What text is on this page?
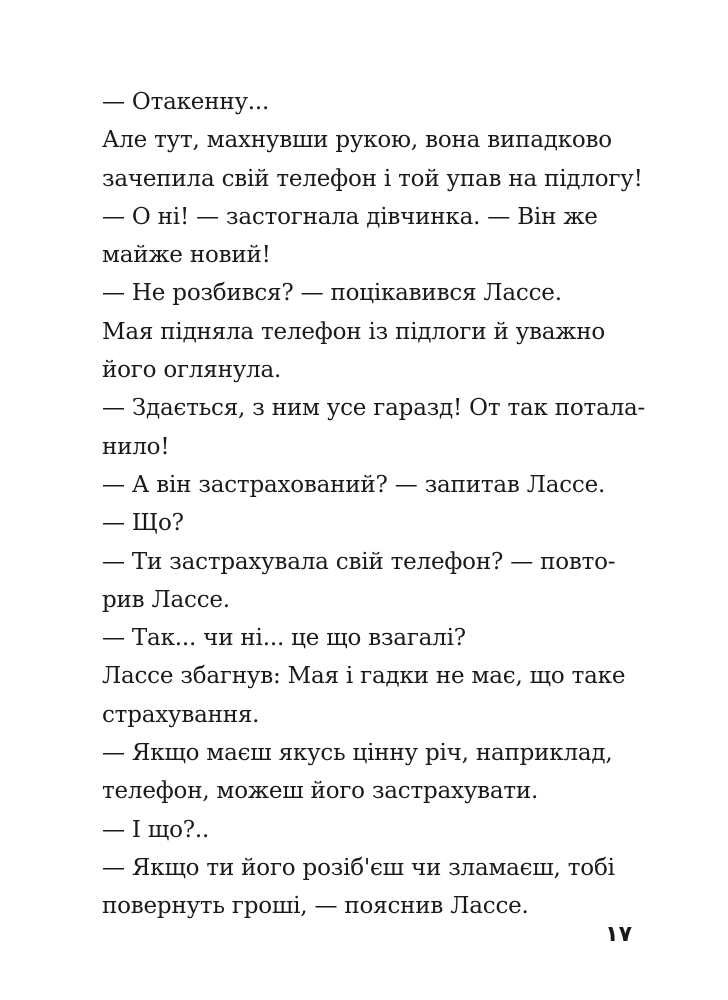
— Отакенну...
Але тут, махнувши рукою, вона випадково
зачепила свій телефон і той упав на підлогу!
— О ні! — застогнала дівчинка. — Він же
майже новий!
— Не розбився? — поцікавився Лассе.
Мая підняла телефон із підлоги й уважно
його оглянула.
— Здається, з ним усе гаразд! От так потала-
нило!
— А він застрахований? — запитав Лассе.
— Що?
— Ти застрахувала свій телефон? — повто-
рив Лассе.
— Так... чи ні... це що взагалі?
Лассе збагнув: Мая і гадки не має, що таке
страхування.
— Якщо маєш якусь цінну річ, наприклад,
телефон, можеш його застрахувати.
— І що?..
— Якщо ти його розіб'єш чи зламаєш, тобі
повернуть гроші, — пояснив Лассе.
١٧
